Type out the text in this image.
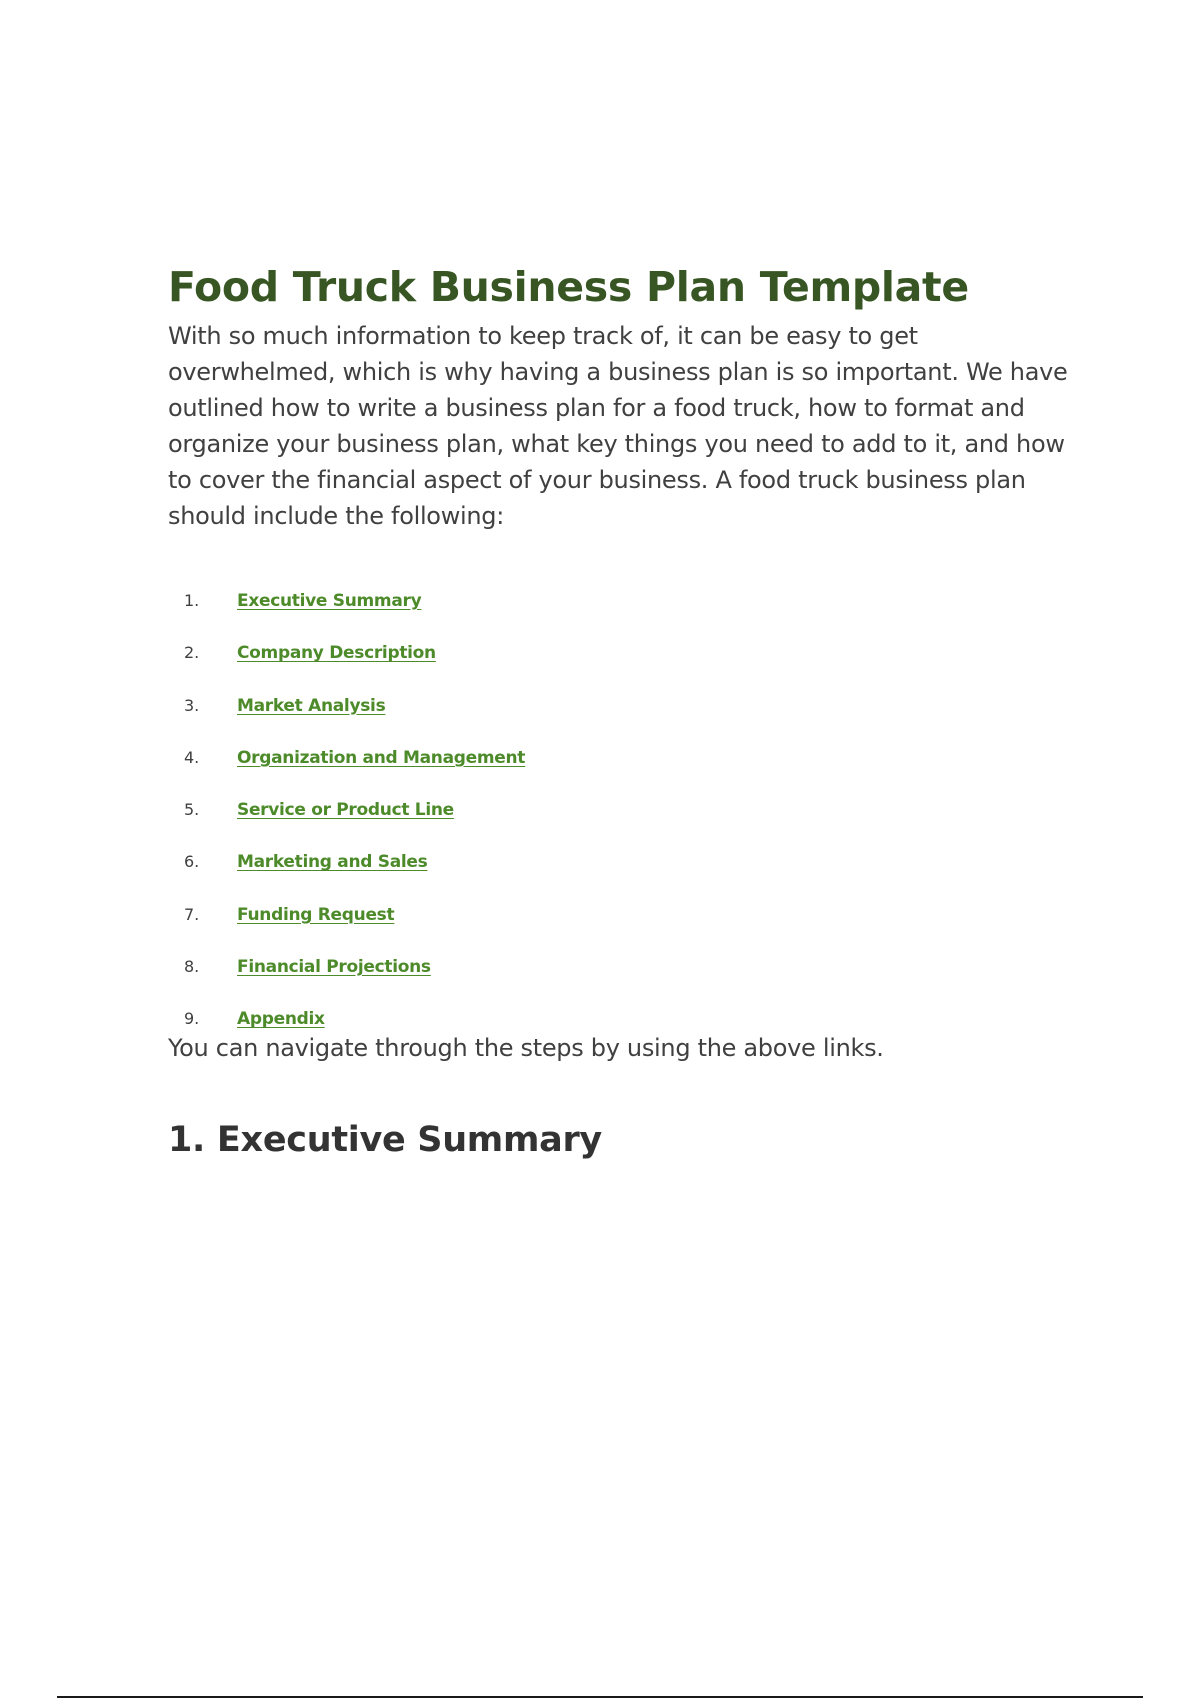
Food Truck Business Plan Template

With so much information to keep track of, it can be easy to get overwhelmed, which is why having a business plan is so important. We have outlined how to write a business plan for a food truck, how to format and organize your business plan, what key things you need to add to it, and how to cover the financial aspect of your business. A food truck business plan should include the following:

1. Executive Summary
2. Company Description
3. Market Analysis
4. Organization and Management
5. Service or Product Line
6. Marketing and Sales
7. Funding Request
8. Financial Projections
9. Appendix

You can navigate through the steps by using the above links.

1. Executive Summary
